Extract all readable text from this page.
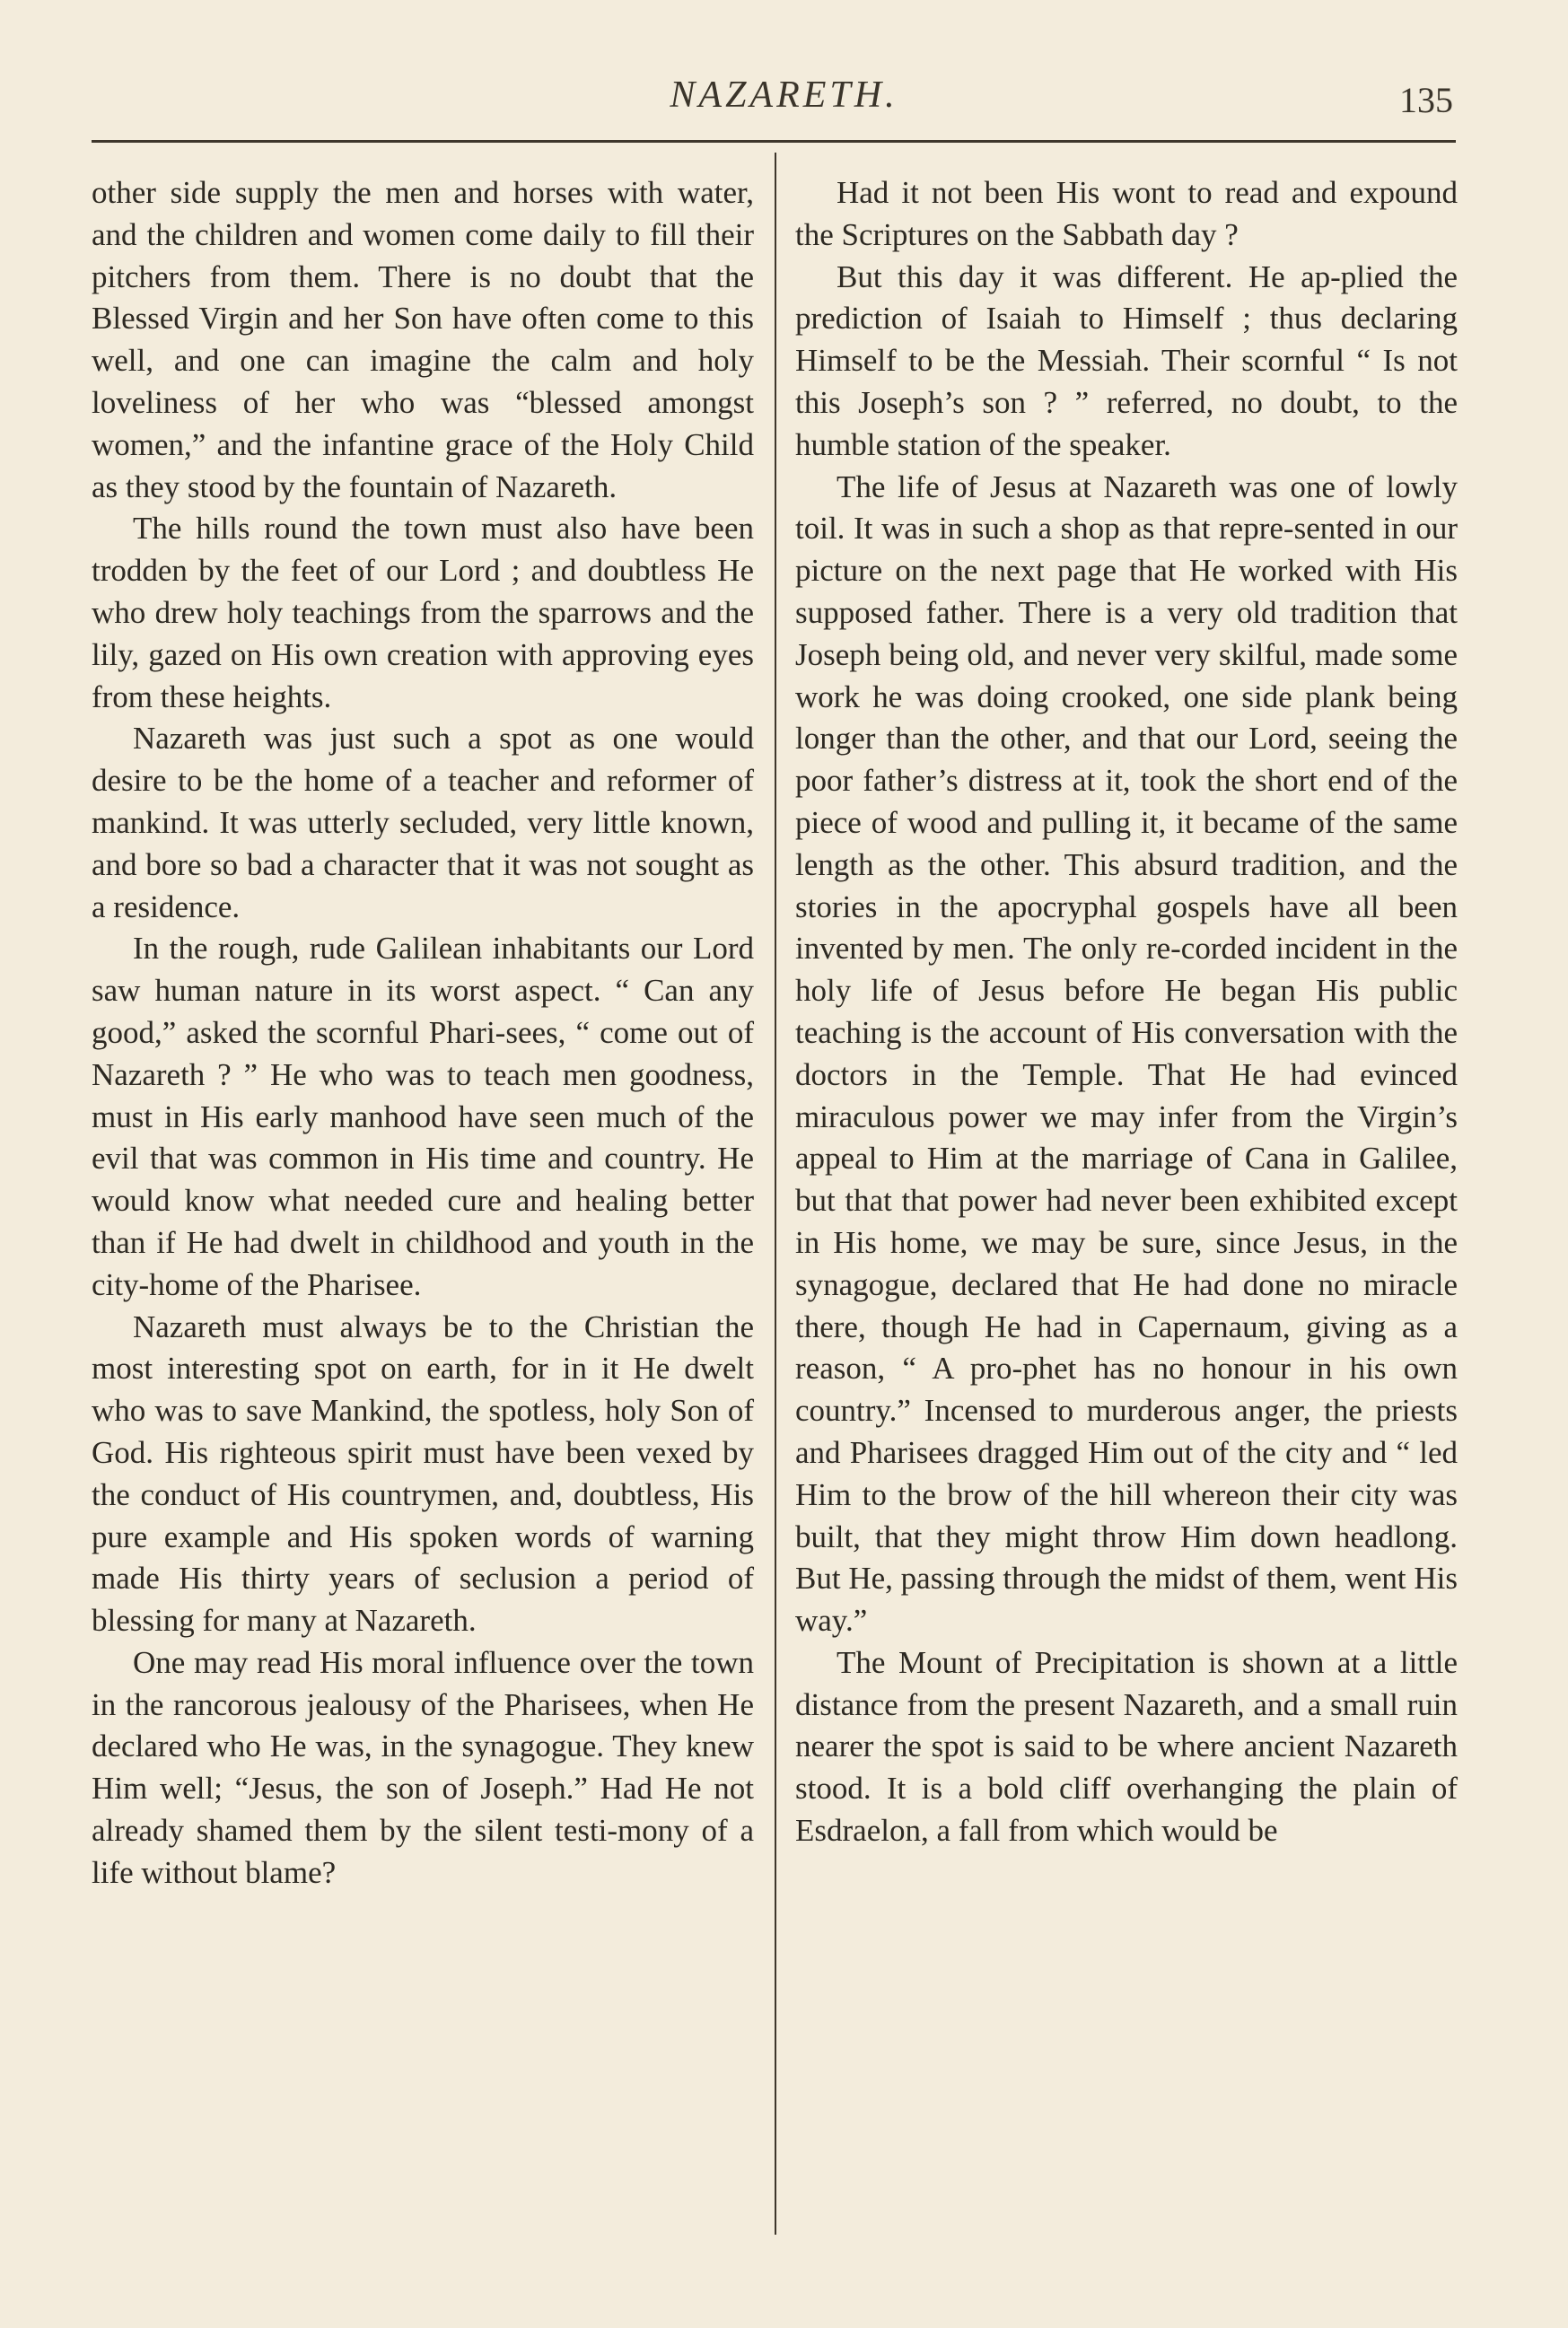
NAZARETH.	135

other side supply the men and horses with water, and the children and women come daily to fill their pitchers from them. There is no doubt that the Blessed Virgin and her Son have often come to this well, and one can imagine the calm and holy loveliness of her who was “blessed amongst women,” and the infantine grace of the Holy Child as they stood by the fountain of Nazareth.

The hills round the town must also have been trodden by the feet of our Lord ; and doubtless He who drew holy teachings from the sparrows and the lily, gazed on His own creation with approving eyes from these heights.

Nazareth was just such a spot as one would desire to be the home of a teacher and reformer of mankind. It was utterly secluded, very little known, and bore so bad a character that it was not sought as a residence.

In the rough, rude Galilean inhabitants our Lord saw human nature in its worst aspect. “ Can any good,” asked the scornful Phari-sees, “ come out of Nazareth ? ” He who was to teach men goodness, must in His early manhood have seen much of the evil that was common in His time and country. He would know what needed cure and healing better than if He had dwelt in childhood and youth in the city-home of the Pharisee.

Nazareth must always be to the Christian the most interesting spot on earth, for in it He dwelt who was to save Mankind, the spotless, holy Son of God. His righteous spirit must have been vexed by the conduct of His countrymen, and, doubtless, His pure example and His spoken words of warning made His thirty years of seclusion a period of blessing for many at Nazareth.

One may read His moral influence over the town in the rancorous jealousy of the Pharisees, when He declared who He was, in the synagogue. They knew Him well; “Jesus, the son of Joseph.” Had He not already shamed them by the silent testi-mony of a life without blame?

Had it not been His wont to read and expound the Scriptures on the Sabbath day ?

But this day it was different. He ap-plied the prediction of Isaiah to Himself ; thus declaring Himself to be the Messiah. Their scornful “ Is not this Joseph’s son ? ” referred, no doubt, to the humble station of the speaker.

The life of Jesus at Nazareth was one of lowly toil. It was in such a shop as that repre-sented in our picture on the next page that He worked with His supposed father. There is a very old tradition that Joseph being old, and never very skilful, made some work he was doing crooked, one side plank being longer than the other, and that our Lord, seeing the poor father’s distress at it, took the short end of the piece of wood and pulling it, it became of the same length as the other. This absurd tradition, and the stories in the apocryphal gospels have all been invented by men. The only re-corded incident in the holy life of Jesus before He began His public teaching is the account of His conversation with the doctors in the Temple. That He had evinced miraculous power we may infer from the Virgin’s appeal to Him at the marriage of Cana in Galilee, but that that power had never been exhibited except in His home, we may be sure, since Jesus, in the synagogue, declared that He had done no miracle there, though He had in Capernaum, giving as a reason, “ A pro-phet has no honour in his own country.” Incensed to murderous anger, the priests and Pharisees dragged Him out of the city and “ led Him to the brow of the hill whereon their city was built, that they might throw Him down headlong. But He, passing through the midst of them, went His way.”

The Mount of Precipitation is shown at a little distance from the present Nazareth, and a small ruin nearer the spot is said to be where ancient Nazareth stood. It is a bold cliff overhanging the plain of Esdraelon, a fall from which would be
